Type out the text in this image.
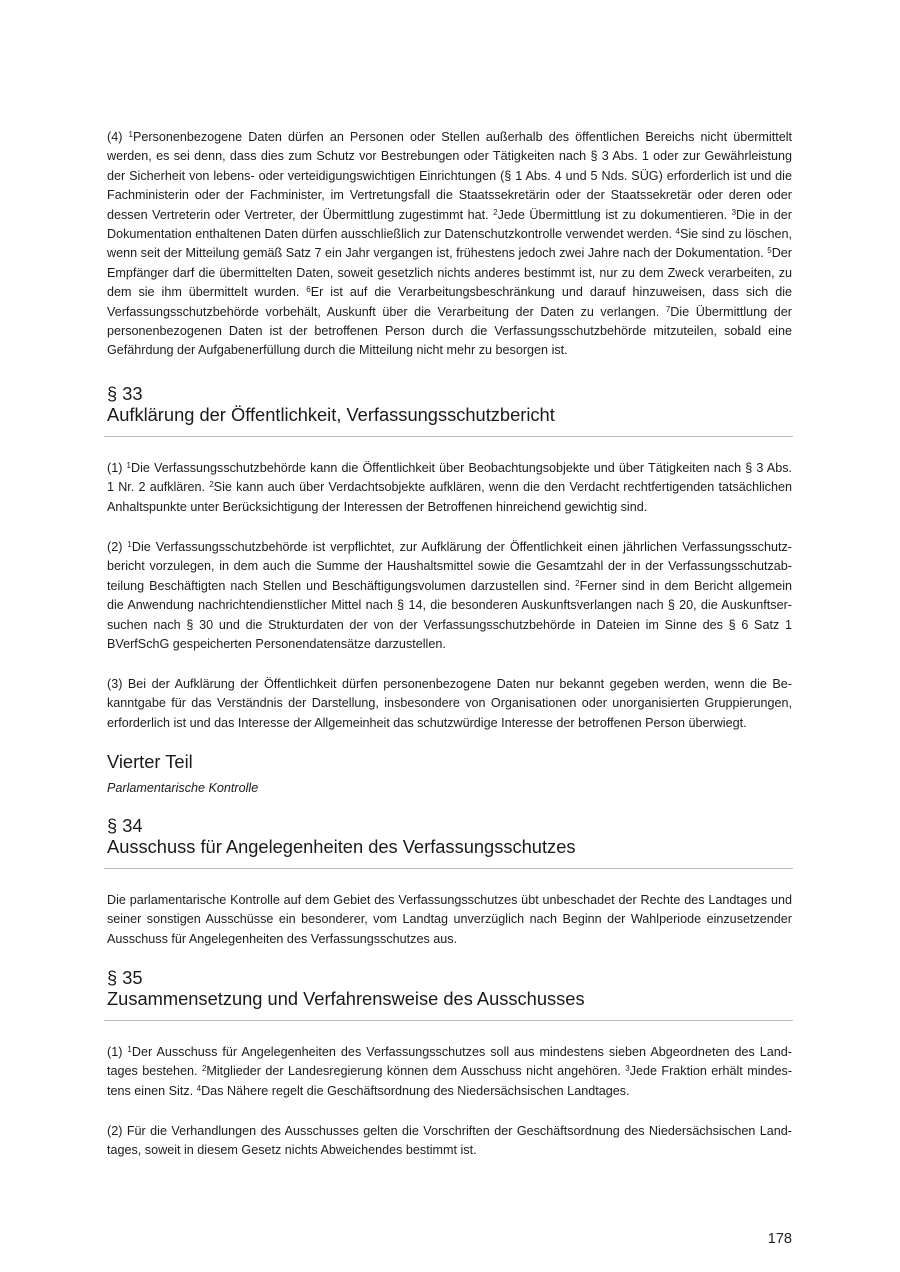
(4) $^1$Personenbezogene Daten dürfen an Personen oder Stellen außerhalb des öffentlichen Bereichs nicht übermittelt werden, es sei denn, dass dies zum Schutz vor Bestrebungen oder Tätigkeiten nach § 3 Abs. 1 oder zur Gewährleistung der Sicherheit von lebens- oder verteidigungswichtigen Einrichtungen (§ 1 Abs. 4 und 5 Nds. SÜG) erforderlich ist und die Fachministerin oder der Fachminister, im Vertretungsfall die Staatssekretärin oder der Staatssekretär oder deren oder dessen Vertreterin oder Vertreter, der Übermittlung zugestimmt hat. $^2$Jede Übermittlung ist zu dokumentieren. $^3$Die in der Dokumentation enthaltenen Daten dürfen ausschließlich zur Datenschutzkontrolle verwendet werden. $^4$Sie sind zu löschen, wenn seit der Mitteilung gemäß Satz 7 ein Jahr vergangen ist, frühestens jedoch zwei Jahre nach der Dokumentation. $^5$Der Empfänger darf die übermittelten Daten, soweit gesetzlich nichts anderes bestimmt ist, nur zu dem Zweck verarbeiten, zu dem sie ihm übermittelt wurden. $^6$Er ist auf die Verarbeitungsbeschränkung und darauf hinzuweisen, dass sich die Verfassungsschutzbehörde vorbehält, Auskunft über die Verarbeitung der Daten zu verlangen. $^7$Die Übermittlung der personenbezogenen Daten ist der betroffenen Person durch die Verfassungsschutzbehörde mitzuteilen, sobald eine Gefährdung der Aufgabenerfüllung durch die Mitteilung nicht mehr zu besorgen ist.
§ 33
Aufklärung der Öffentlichkeit, Verfassungsschutzbericht
(1) $^1$Die Verfassungsschutzbehörde kann die Öffentlichkeit über Beobachtungsobjekte und über Tätigkeiten nach § 3 Abs. 1 Nr. 2 aufklären. $^2$Sie kann auch über Verdachtsobjekte aufklären, wenn die den Verdacht rechtfertigenden tatsächlichen Anhaltspunkte unter Berücksichtigung der Interessen der Betroffenen hinreichend gewichtig sind.
(2) $^1$Die Verfassungsschutzbehörde ist verpflichtet, zur Aufklärung der Öffentlichkeit einen jährlichen Verfassungsschutzbericht vorzulegen, in dem auch die Summe der Haushaltsmittel sowie die Gesamtzahl der in der Verfassungsschutzabteilung Beschäftigten nach Stellen und Beschäftigungsvolumen darzustellen sind. $^2$Ferner sind in dem Bericht allgemein die Anwendung nachrichtendienstlicher Mittel nach § 14, die besonderen Auskunftsverlangen nach § 20, die Auskunftsersuchen nach § 30 und die Strukturdaten der von der Verfassungsschutzbehörde in Dateien im Sinne des § 6 Satz 1 BVerfSchG gespeicherten Personendatensätze darzustellen.
(3) Bei der Aufklärung der Öffentlichkeit dürfen personenbezogene Daten nur bekannt gegeben werden, wenn die Bekanntgabe für das Verständnis der Darstellung, insbesondere von Organisationen oder unorganisierten Gruppierungen, erforderlich ist und das Interesse der Allgemeinheit das schutzwürdige Interesse der betroffenen Person überwiegt.
Vierter Teil
Parlamentarische Kontrolle
§ 34
Ausschuss für Angelegenheiten des Verfassungsschutzes
Die parlamentarische Kontrolle auf dem Gebiet des Verfassungsschutzes übt unbeschadet der Rechte des Landtages und seiner sonstigen Ausschüsse ein besonderer, vom Landtag unverzüglich nach Beginn der Wahlperiode einzusetzender Ausschuss für Angelegenheiten des Verfassungsschutzes aus.
§ 35
Zusammensetzung und Verfahrensweise des Ausschusses
(1) $^1$Der Ausschuss für Angelegenheiten des Verfassungsschutzes soll aus mindestens sieben Abgeordneten des Landtages bestehen. $^2$Mitglieder der Landesregierung können dem Ausschuss nicht angehören. $^3$Jede Fraktion erhält mindestens einen Sitz. $^4$Das Nähere regelt die Geschäftsordnung des Niedersächsischen Landtages.
(2) Für die Verhandlungen des Ausschusses gelten die Vorschriften der Geschäftsordnung des Niedersächsischen Landtages, soweit in diesem Gesetz nichts Abweichendes bestimmt ist.
178
